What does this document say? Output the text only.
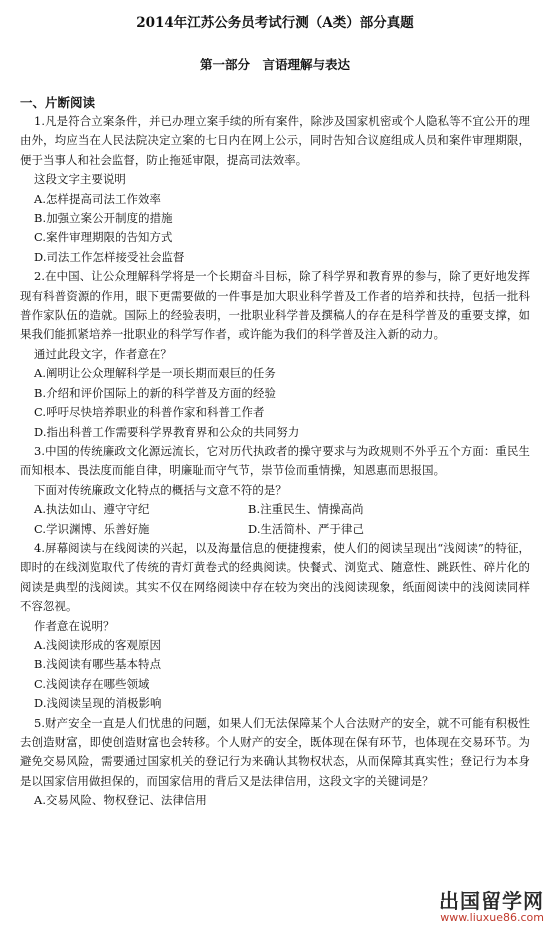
2014年江苏公务员考试行测（A类）部分真题
第一部分　言语理解与表达
一、片断阅读

1.凡是符合立案条件，并已办理立案手续的所有案件，除涉及国家机密或个人隐私等不宜公开的理由外，均应当在人民法院决定立案的七日内在网上公示，同时告知合议庭组成人员和案件审理期限，便于当事人和社会监督，防止拖延审限，提高司法效率。

这段文字主要说明

A.怎样提高司法工作效率

B.加强立案公开制度的措施

C.案件审理期限的告知方式

D.司法工作怎样接受社会监督

2.在中国、让公众理解科学将是一个长期奋斗目标，除了科学界和教育界的参与，除了更好地发挥现有科普资源的作用，眼下更需要做的一件事是加大职业科学普及工作者的培养和扶持，包括一批科普作家队伍的造就。国际上的经验表明，一批职业科学普及撰稿人的存在是科学普及的重要支撑，如果我们能抓紧培养一批职业的科学写作者，或许能为我们的科学普及注入新的动力。

通过此段文字，作者意在？

A.阐明让公众理解科学是一项长期而艰巨的任务

B.介绍和评价国际上的新的科学普及方面的经验

C.呼吁尽快培养职业的科普作家和科普工作者

D.指出科普工作需要科学界教育界和公众的共同努力

3.中国的传统廉政文化源远流长，它对历代执政者的操守要求与为政规则不外乎五个方面：重民生而知根本、畏法度而能自律，明廉耻而守气节，崇节俭而重情操，知恩惠而思报国。

下面对传统廉政文化特点的概括与文意不符的是？

A.执法如山、遵守守纪	B.注重民生、情操高尚

C.学识渊博、乐善好施	D.生活简朴、严于律己

4.屏幕阅读与在线阅读的兴起，以及海量信息的便捷搜索，使人们的阅读呈现出“浅阅读”的特征，即时的在线浏览取代了传统的青灯黄卷式的经典阅读。快餐式、浏览式、随意性、跳跃性、碎片化的阅读是典型的浅阅读。其实不仅在网络阅读中存在较为突出的浅阅读现象，纸面阅读中的浅阅读同样不容忽视。

作者意在说明？

A.浅阅读形成的客观原因

B.浅阅读有哪些基本特点

C.浅阅读存在哪些领域

D.浅阅读呈现的消极影响

5.财产安全一直是人们忧患的问题，如果人们无法保障某个人合法财产的安全，就不可能有积极性去创造财富，即使创造财富也会转移。个人财产的安全，既体现在保有环节，也体现在交易环节。为避免交易风险，需要通过国家机关的登记行为来确认其物权状态，从而保障其真实性；登记行为本身是以国家信用做担保的，而国家信用的背后又是法律信用，这段文字的关键词是？

A.交易风险、物权登记、法律信用

出国留学网
www.liuxue86.com
